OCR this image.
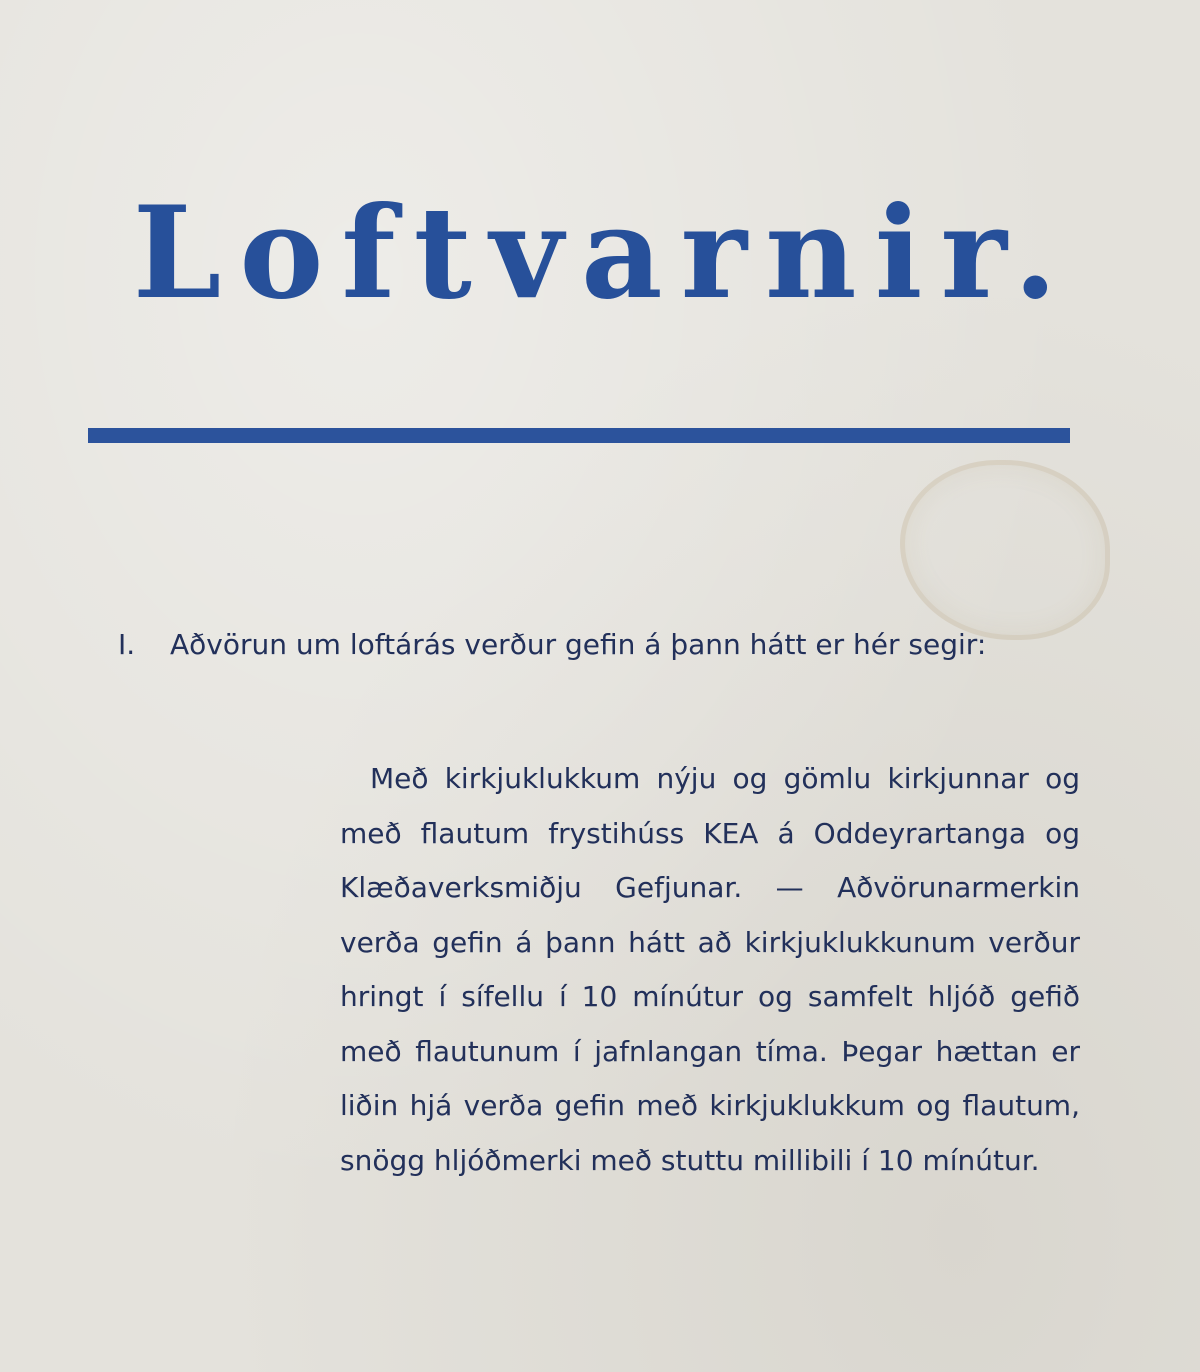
Loftvarnir.
I. Aðvörun um loftárás verður gefin á þann hátt er hér segir:

Með kirkjuklukkum nýju og gömlu kirkjunnar og með flautum frystihúss KEA á Oddeyrartanga og Klæðaverksmiðju Gefjunar. — Aðvörunarmerkin verða gefin á þann hátt að kirkjuklukkunum verður hringt í sífellu í 10 mínútur og samfelt hljóð gefið með flautunum í jafnlangan tíma. Þegar hættan er liðin hjá verða gefin með kirkjuklukkum og flautum, snögg hljóðmerki með stuttu millibili í 10 mínútur.
